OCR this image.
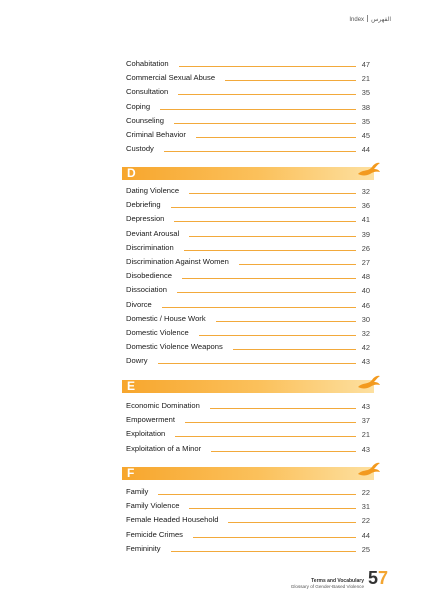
Index الفهرس
Cohabitation	47
Commercial Sexual Abuse	21
Consultation	35
Coping	38
Counseling	35
Criminal Behavior	45
Custody	44
D
Dating Violence	32
Debriefing	36
Depression	41
Deviant Arousal	39
Discrimination	26
Discrimination Against Women	27
Disobedience	48
Dissociation	40
Divorce	46
Domestic / House Work	30
Domestic Violence	32
Domestic Violence Weapons	42
Dowry	43
E
Economic Domination	43
Empowerment	37
Exploitation	21
Exploitation of a Minor	43
F
Family	22
Family Violence	31
Female Headed Household	22
Femicide Crimes	44
Femininity	25
Terms and Vocabulary
Glossary of Gender-Based Violence 57
